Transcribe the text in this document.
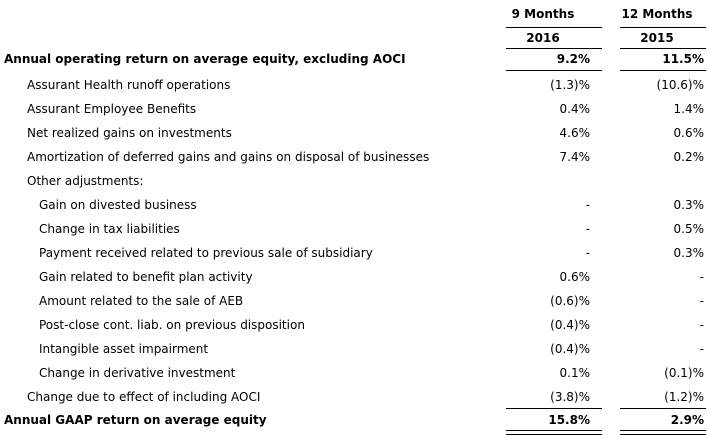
9 Months	12 Months
2016	2015
Annual operating return on average equity, excluding AOCI	9.2%	11.5%
Assurant Health runoff operations	(1.3)%	(10.6)%
Assurant Employee Benefits	0.4%	1.4%
Net realized gains on investments	4.6%	0.6%
Amortization of deferred gains and gains on disposal of businesses	7.4%	0.2%
Other adjustments:
Gain on divested business	-	0.3%
Change in tax liabilities	-	0.5%
Payment received related to previous sale of subsidiary	-	0.3%
Gain related to benefit plan activity	0.6%	-
Amount related to the sale of AEB	(0.6)%	-
Post-close cont. liab. on previous disposition	(0.4)%	-
Intangible asset impairment	(0.4)%	-
Change in derivative investment	0.1%	(0.1)%
Change due to effect of including AOCI	(3.8)%	(1.2)%
Annual GAAP return on average equity	15.8%	2.9%
